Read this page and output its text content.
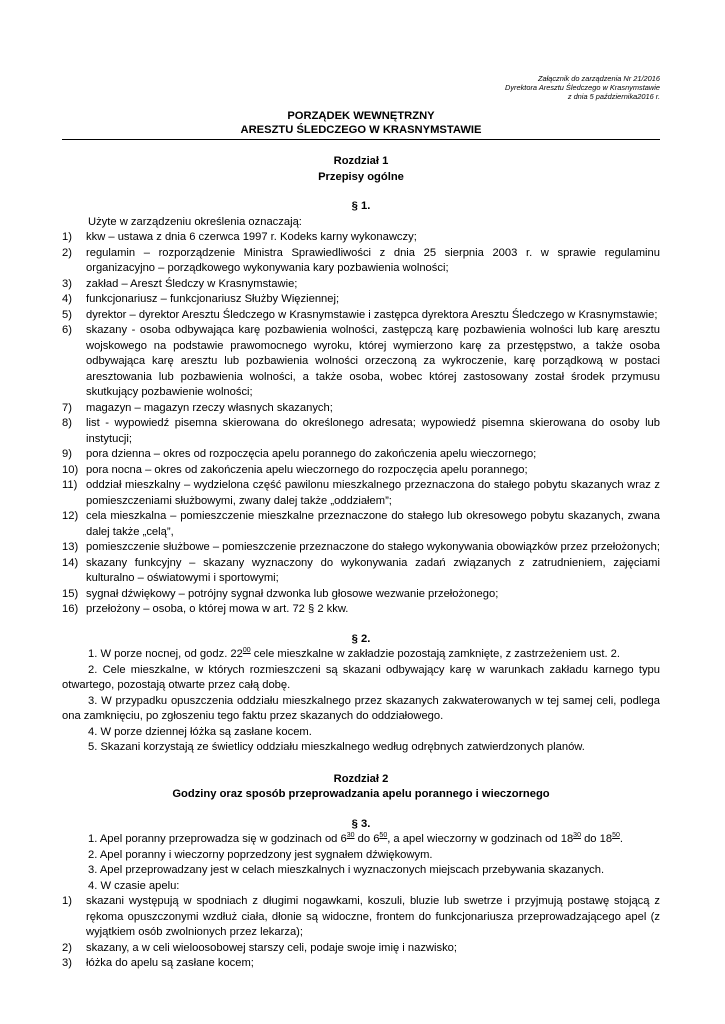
Załącznik do zarządzenia Nr 21/2016
Dyrektora Aresztu Śledczego w Krasnymstawie
z dnia 5 października2016 r.
PORZĄDEK WEWNĘTRZNY
ARESZTU ŚLEDCZEGO W KRASNYMSTAWIE
Rozdział 1
Przepisy ogólne
§ 1.
Użyte w zarządzeniu określenia oznaczają:
1)	kkw – ustawa z dnia 6 czerwca 1997 r. Kodeks karny wykonawczy;
2)	regulamin – rozporządzenie Ministra Sprawiedliwości z dnia 25 sierpnia 2003 r. w sprawie regulaminu organizacyjno – porządkowego wykonywania kary pozbawienia wolności;
3)	zakład – Areszt Śledczy w Krasnymstawie;
4)	funkcjonariusz – funkcjonariusz Służby Więziennej;
5)	dyrektor – dyrektor Aresztu Śledczego w Krasnymstawie i zastępca dyrektora Aresztu Śledczego w Krasnymstawie;
6)	skazany - osoba odbywająca karę pozbawienia wolności, zastępczą karę pozbawienia wolności lub karę aresztu wojskowego na podstawie prawomocnego wyroku, której wymierzono karę za przestępstwo, a także osoba odbywająca karę aresztu lub pozbawienia wolności orzeczoną za wykroczenie, karę porządkową w postaci aresztowania lub pozbawienia wolności, a także osoba, wobec której zastosowany został środek przymusu skutkujący pozbawienie wolności;
7)	magazyn – magazyn rzeczy własnych skazanych;
8)	list - wypowiedź pisemna skierowana do określonego adresata; wypowiedź pisemna skierowana do osoby lub instytucji;
9)	pora dzienna – okres od rozpoczęcia apelu porannego do zakończenia apelu wieczornego;
10) pora nocna – okres od zakończenia apelu wieczornego do rozpoczęcia apelu porannego;
11) oddział mieszkalny – wydzielona część pawilonu mieszkalnego przeznaczona do stałego pobytu skazanych wraz z pomieszczeniami służbowymi, zwany dalej także „oddziałem”;
12) cela mieszkalna – pomieszczenie mieszkalne przeznaczone do stałego lub okresowego pobytu skazanych, zwana dalej także „celą”,
13) pomieszczenie służbowe – pomieszczenie przeznaczone do stałego wykonywania obowiązków przez przełożonych;
14) skazany funkcyjny – skazany wyznaczony do wykonywania zadań związanych z zatrudnieniem, zajęciami kulturalno – oświatowymi i sportowymi;
15) sygnał dźwiękowy – potrójny sygnał dzwonka lub głosowe wezwanie przełożonego;
16) przełożony – osoba, o której mowa w art. 72 § 2 kkw.
§ 2.
1. W porze nocnej, od godz. $22^{00}$ cele mieszkalne w zakładzie pozostają zamknięte, z zastrzeżeniem ust. 2.
2. Cele mieszkalne, w których rozmieszczeni są skazani odbywający karę w warunkach zakładu karnego typu otwartego, pozostają otwarte przez całą dobę.
3. W przypadku opuszczenia oddziału mieszkalnego przez skazanych zakwaterowanych w tej samej celi, podlega ona zamknięciu, po zgłoszeniu tego faktu przez skazanych do oddziałowego.
4. W porze dziennej łóżka są zasłane kocem.
5. Skazani korzystają ze świetlicy oddziału mieszkalnego według odrębnych zatwierdzonych planów.
Rozdział 2
Godziny oraz sposób przeprowadzania apelu porannego i wieczornego
§ 3.
1. Apel poranny przeprowadza się w godzinach od $6^{30}$ do $6^{50}$, a apel wieczorny w godzinach od $18^{30}$ do $18^{50}$.
2. Apel poranny i wieczorny poprzedzony jest sygnałem dźwiękowym.
3. Apel przeprowadzany jest w celach mieszkalnych i wyznaczonych miejscach przebywania skazanych.
4. W czasie apelu:
1)	skazani występują w spodniach z długimi nogawkami, koszuli, bluzie lub swetrze i przyjmują postawę stojącą z rękoma opuszczonymi wzdłuż ciała, dłonie są widoczne, frontem do funkcjonariusza przeprowadzającego apel (z wyjątkiem osób zwolnionych przez lekarza);
2)	skazany, a w celi wieloosobowej starszy celi, podaje swoje imię i nazwisko;
3)	łóżka do apelu są zasłane kocem;
